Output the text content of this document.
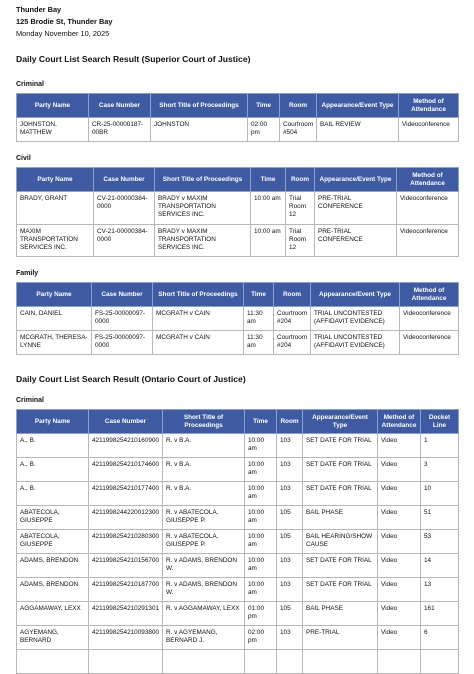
Thunder Bay
125 Brodie St, Thunder Bay
Monday November 10, 2025

Daily Court List Search Result (Superior Court of Justice)

Criminal

Party Name	Case Number	Short Title of Proceedings	Time	Room	Appearance/Event Type	Method of Attendance
JOHNSTON, MATTHEW	CR-25-00000187-00BR	JOHNSTON	02:00 pm	Courtroom #504	BAIL REVIEW	Videoconference

Civil

Party Name	Case Number	Short Title of Proceedings	Time	Room	Appearance/Event Type	Method of Attendance
BRADY, GRANT	CV-21-00000384-0000	BRADY v MAXIM TRANSPORTATION SERVICES INC.	10:00 am	Trial Room 12	PRE-TRIAL CONFERENCE	Videoconference
MAXIM TRANSPORTATION SERVICES INC.	CV-21-00000384-0000	BRADY v MAXIM TRANSPORTATION SERVICES INC.	10:00 am	Trial Room 12	PRE-TRIAL CONFERENCE	Videoconference

Family

Party Name	Case Number	Short Title of Proceedings	Time	Room	Appearance/Event Type	Method of Attendance
CAIN, DANIEL	FS-25-00000097-0000	MCGRATH v CAIN	11:30 am	Courtroom #204	TRIAL UNCONTESTED (AFFIDAVIT EVIDENCE)	Videoconference
MCGRATH, THERESA-LYNNE	FS-25-00000097-0000	MCGRATH v CAIN	11:30 am	Courtroom #204	TRIAL UNCONTESTED (AFFIDAVIT EVIDENCE)	Videoconference

Daily Court List Search Result (Ontario Court of Justice)

Criminal

Party Name	Case Number	Short Title of Proceedings	Time	Room	Appearance/Event Type	Method of Attendance	Docket Line
A., B.	4211998254210160900	R. v B.A.	10:00 am	103	SET DATE FOR TRIAL	Video	1
A., B.	4211998254210174600	R. v B.A.	10:00 am	103	SET DATE FOR TRIAL	Video	3
A., B.	4211998254210177400	R. v B.A.	10:00 am	103	SET DATE FOR TRIAL	Video	10
ABATECOLA, GIUSEPPE	4211998244220012300	R. v ABATECOLA, GIUSEPPE P.	10:00 am	105	BAIL PHASE	Video	51
ABATECOLA, GIUSEPPE	4211998254210280300	R. v ABATECOLA, GIUSEPPE P.	10:00 am	105	BAIL HEARING/SHOW CAUSE	Video	53
ADAMS, BRENDON	4211998254210156700	R. v ADAMS, BRENDON W.	10:00 am	103	SET DATE FOR TRIAL	Video	14
ADAMS, BRENDON	4211998254210187700	R. v ADAMS, BRENDON W.	10:00 am	103	SET DATE FOR TRIAL	Video	13
AGGAMAWAY, LEXX	4211998254210291301	R. v AGGAMAWAY, LEXX	01:00 pm	105	BAIL PHASE	Video	161
AGYEMANG, BERNARD	4211998254210093800	R. v AGYEMANG, BERNARD J.	02:00 pm	103	PRE-TRIAL	Video	6
